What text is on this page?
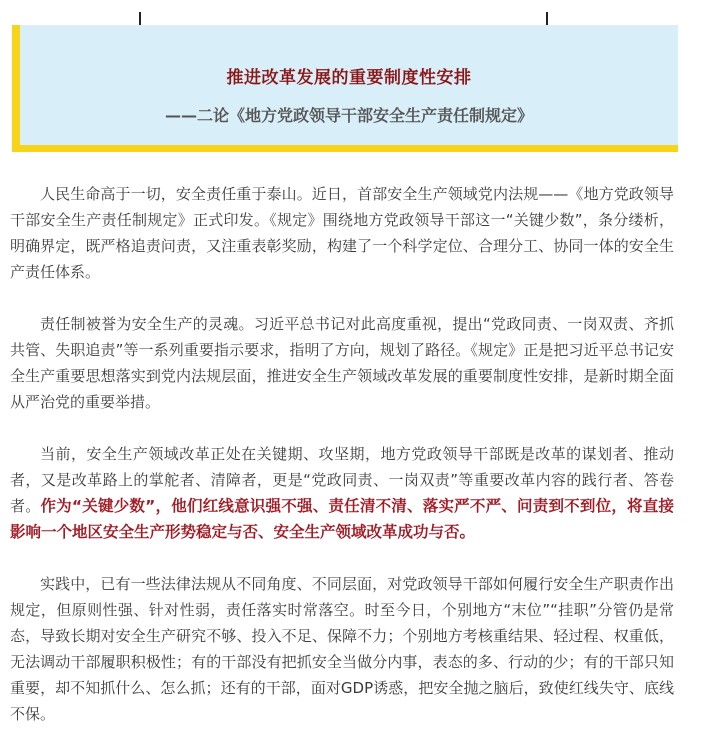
推进改革发展的重要制度性安排
——二论《地方党政领导干部安全生产责任制规定》

人民生命高于一切，安全责任重于泰山。近日，首部安全生产领域党内法规——《地方党政领导干部安全生产责任制规定》正式印发。《规定》围绕地方党政领导干部这一“关键少数”，条分缕析，明确界定，既严格追责问责，又注重表彰奖励，构建了一个科学定位、合理分工、协同一体的安全生产责任体系。

责任制被誉为安全生产的灵魂。习近平总书记对此高度重视，提出“党政同责、一岗双责、齐抓共管、失职追责”等一系列重要指示要求，指明了方向，规划了路径。《规定》正是把习近平总书记安全生产重要思想落实到党内法规层面，推进安全生产领域改革发展的重要制度性安排，是新时期全面从严治党的重要举措。

当前，安全生产领域改革正处在关键期、攻坚期，地方党政领导干部既是改革的谋划者、推动者，又是改革路上的掌舵者、清障者，更是“党政同责、一岗双责”等重要改革内容的践行者、答卷者。作为“关键少数”，他们红线意识强不强、责任清不清、落实严不严、问责到不到位，将直接影响一个地区安全生产形势稳定与否、安全生产领域改革成功与否。

实践中，已有一些法律法规从不同角度、不同层面，对党政领导干部如何履行安全生产职责作出规定，但原则性强、针对性弱，责任落实时常落空。时至今日，个别地方“末位”“挂职”分管仍是常态，导致长期对安全生产研究不够、投入不足、保障不力；个别地方考核重结果、轻过程、权重低，无法调动干部履职积极性；有的干部没有把抓安全当做分内事，表态的多、行动的少；有的干部只知重要，却不知抓什么、怎么抓；还有的干部，面对GDP诱惑，把安全抛之脑后，致使红线失守、底线不保。
